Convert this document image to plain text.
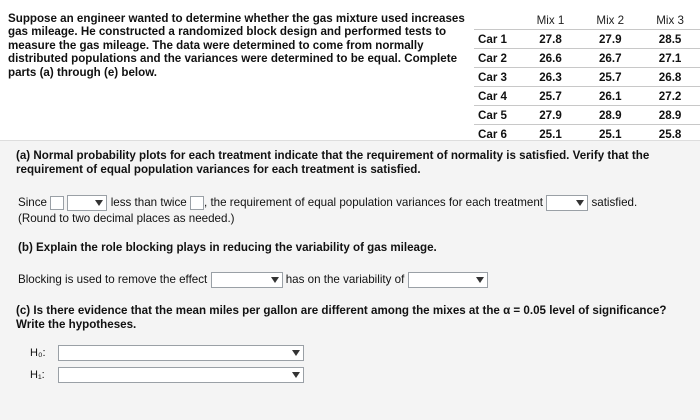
Suppose an engineer wanted to determine whether the gas mixture used increases gas mileage. He constructed a randomized block design and performed tests to measure the gas mileage. The data were determined to come from normally distributed populations and the variances were determined to be equal. Complete parts (a) through (e) below.
	Mix 1	Mix 2	Mix 3
Car 1	27.8	27.9	28.5
Car 2	26.6	26.7	27.1
Car 3	26.3	25.7	26.8
Car 4	25.7	26.1	27.2
Car 5	27.9	28.9	28.9
Car 6	25.1	25.1	25.8
(a) Normal probability plots for each treatment indicate that the requirement of normality is satisfied. Verify that the requirement of equal population variances for each treatment is satisfied.
Since	less than twice , the requirement of equal population variances for each treatment	satisfied.
(Round to two decimal places as needed.)
(b) Explain the role blocking plays in reducing the variability of gas mileage.
Blocking is used to remove the effect	has on the variability of
(c) Is there evidence that the mean miles per gallon are different among the mixes at the α = 0.05 level of significance? Write the hypotheses.
H₀:
H₁:
